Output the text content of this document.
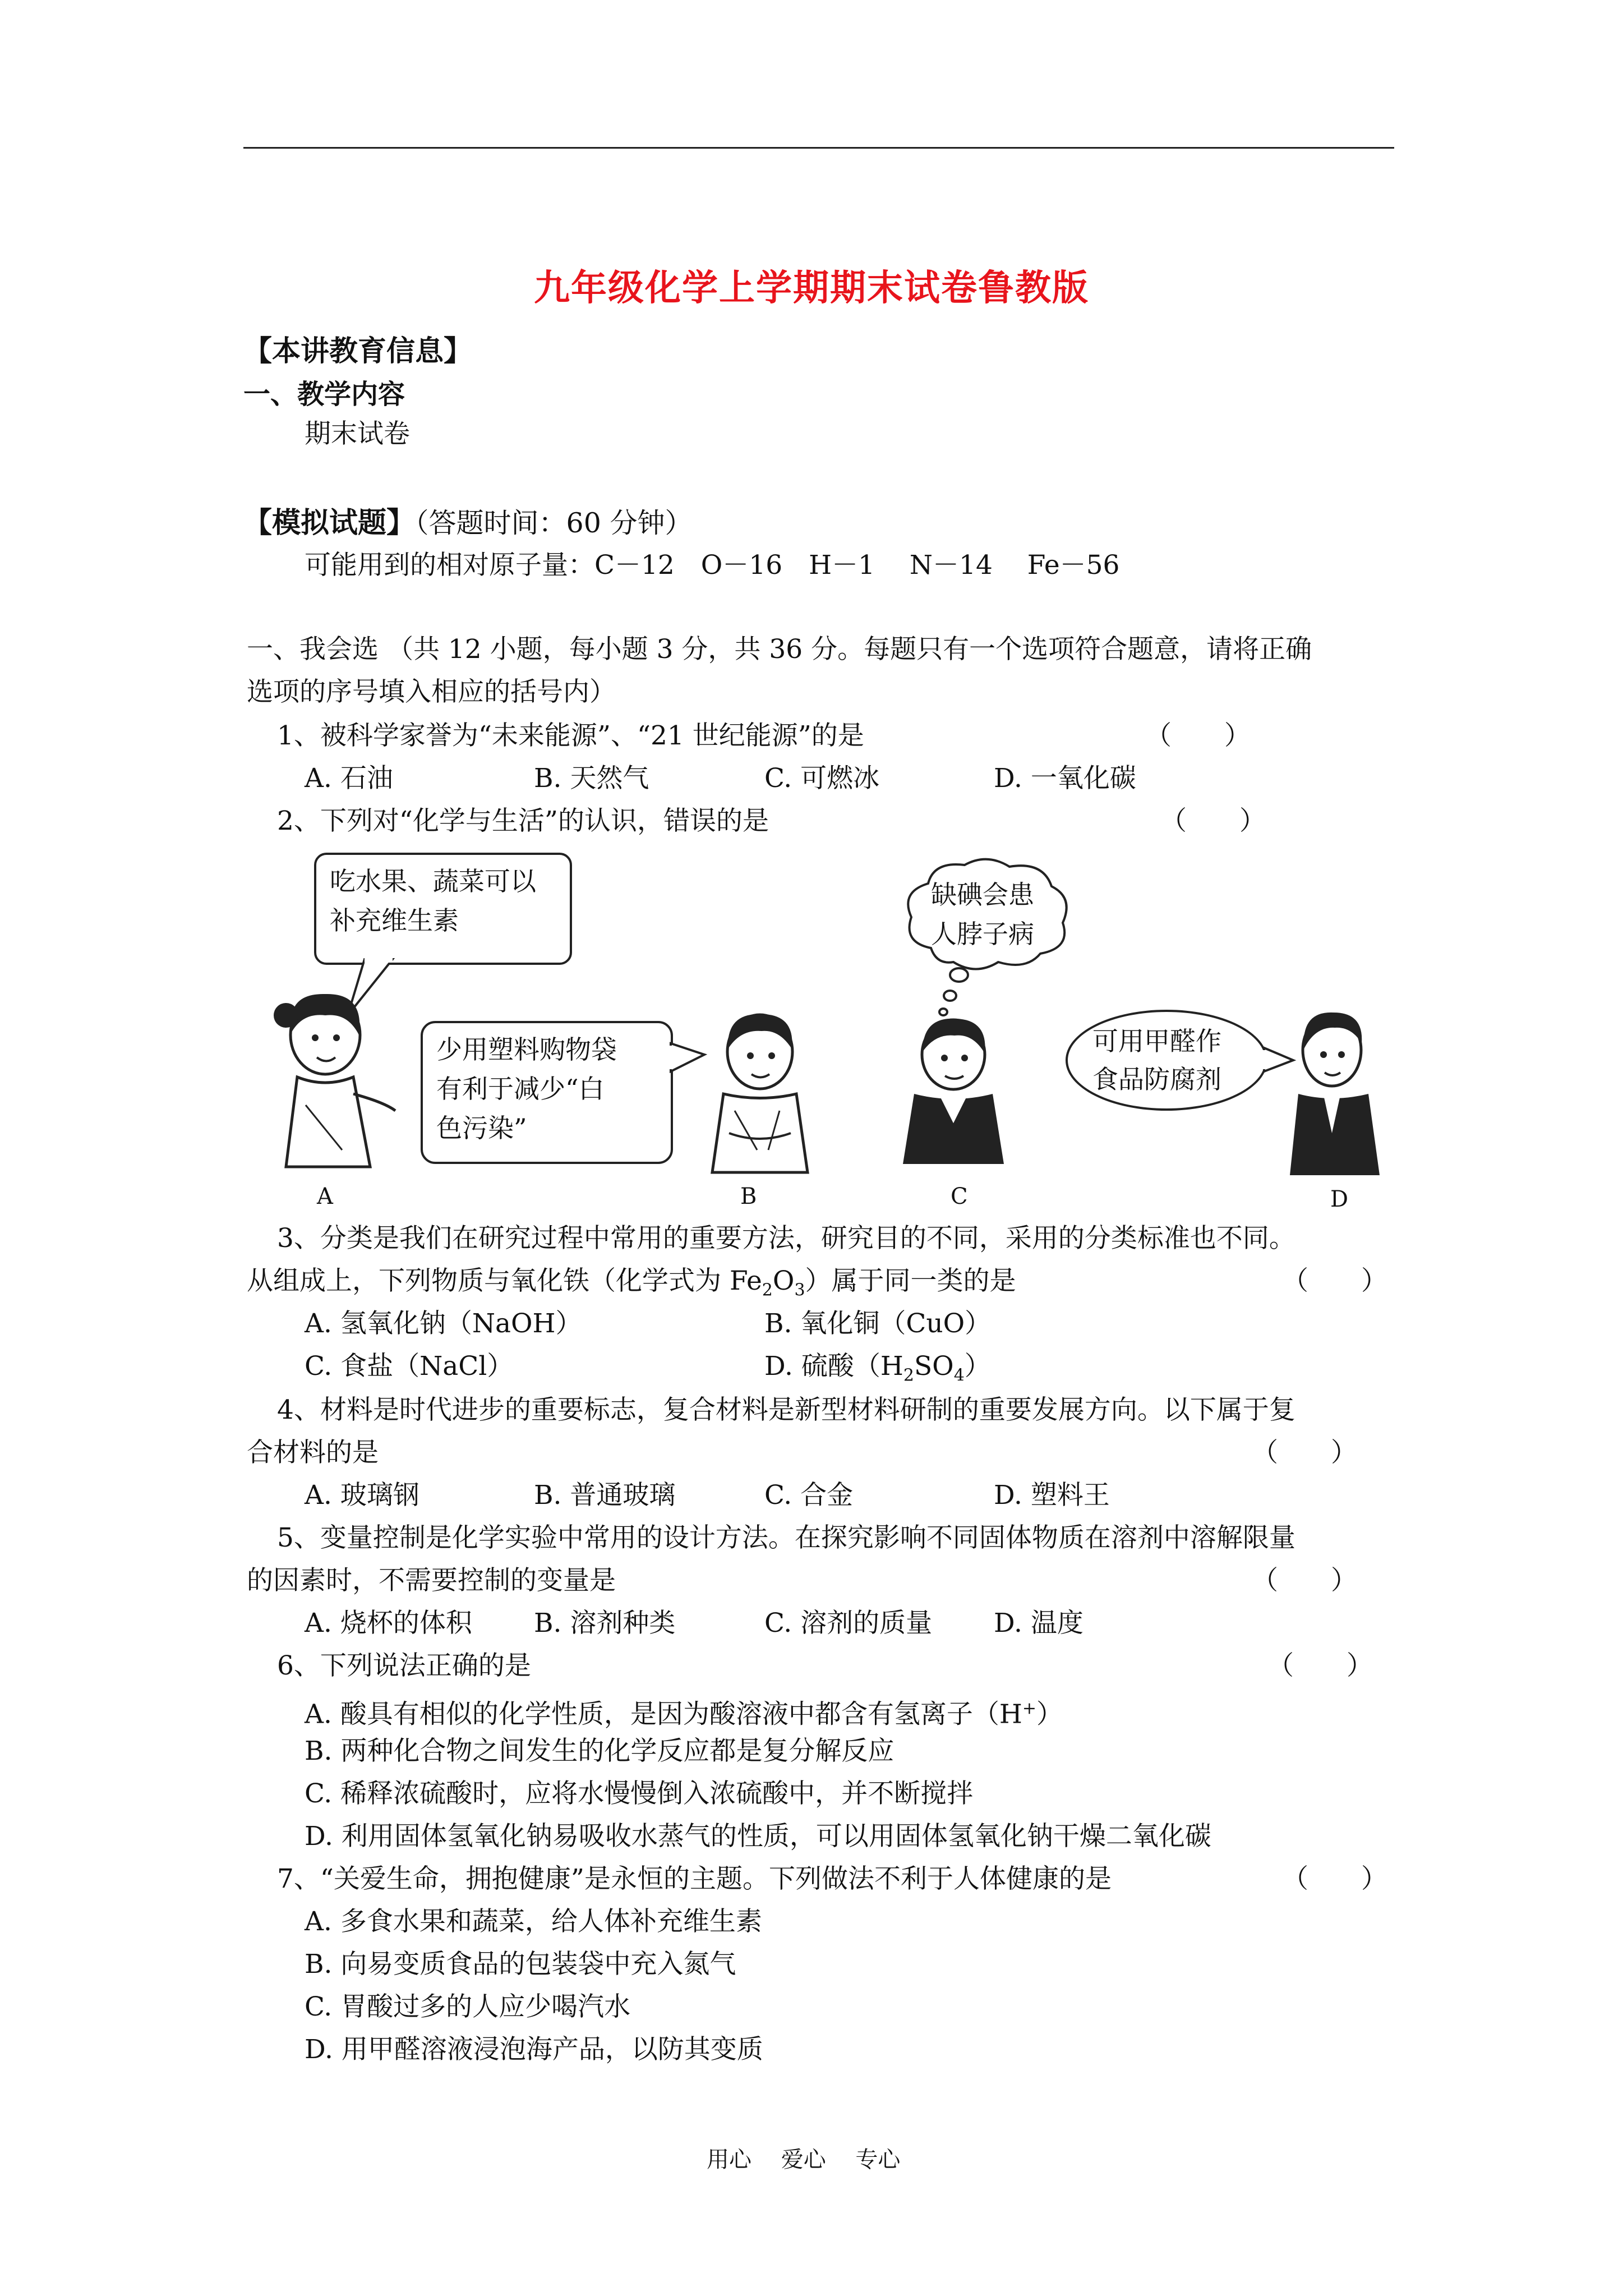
九年级化学上学期期末试卷鲁教版
【本讲教育信息】
一、教学内容
期末试卷
【模拟试题】（答题时间：60 分钟）
可能用到的相对原子量：C－12　O－16　H－1　 N－14　 Fe－56
一、我会选 （共 12 小题，每小题 3 分，共 36 分。每题只有一个选项符合题意，请将正确
选项的序号填入相应的括号内）
1、被科学家誉为“未来能源”、“21 世纪能源”的是	（　　）
A. 石油	B. 天然气	C. 可燃冰	D. 一氧化碳
2、下列对“化学与生活”的认识，错误的是	（　　）
吃水果、蔬菜可以
补充维生素
少用塑料购物袋
有利于减少“白
色污染”
缺碘会患
人脖子病
可用甲醛作
食品防腐剂
A	B	C	D
3、分类是我们在研究过程中常用的重要方法，研究目的不同，采用的分类标准也不同。
从组成上，下列物质与氧化铁（化学式为 $Fe_2O_3$）属于同一类的是	（　　）
A. 氢氧化钠（NaOH）	B. 氧化铜（CuO）
C. 食盐（NaCl）	D. 硫酸$(H_2SO_4)$
4、材料是时代进步的重要标志，复合材料是新型材料研制的重要发展方向。以下属于复
合材料的是	（　　）
A. 玻璃钢	B. 普通玻璃	C. 合金	D. 塑料王
5、变量控制是化学实验中常用的设计方法。在探究影响不同固体物质在溶剂中溶解限量
的因素时，不需要控制的变量是	（　　）
A. 烧杯的体积 B. 溶剂种类	C. 溶剂的质量 D. 温度
6、下列说法正确的是	（　　）
A. 酸具有相似的化学性质，是因为酸溶液中都含有氢离子（H+）
B. 两种化合物之间发生的化学反应都是复分解反应
C. 稀释浓硫酸时，应将水慢慢倒入浓硫酸中，并不断搅拌
D. 利用固体氢氧化钠易吸收水蒸气的性质，可以用固体氢氧化钠干燥二氧化碳
7、“关爱生命，拥抱健康”是永恒的主题。下列做法不利于人体健康的是	（　　）
A. 多食水果和蔬菜，给人体补充维生素
B. 向易变质食品的包装袋中充入氮气
C. 胃酸过多的人应少喝汽水
D. 用甲醛溶液浸泡海产品，以防其变质
用心　 爱心　 专心
